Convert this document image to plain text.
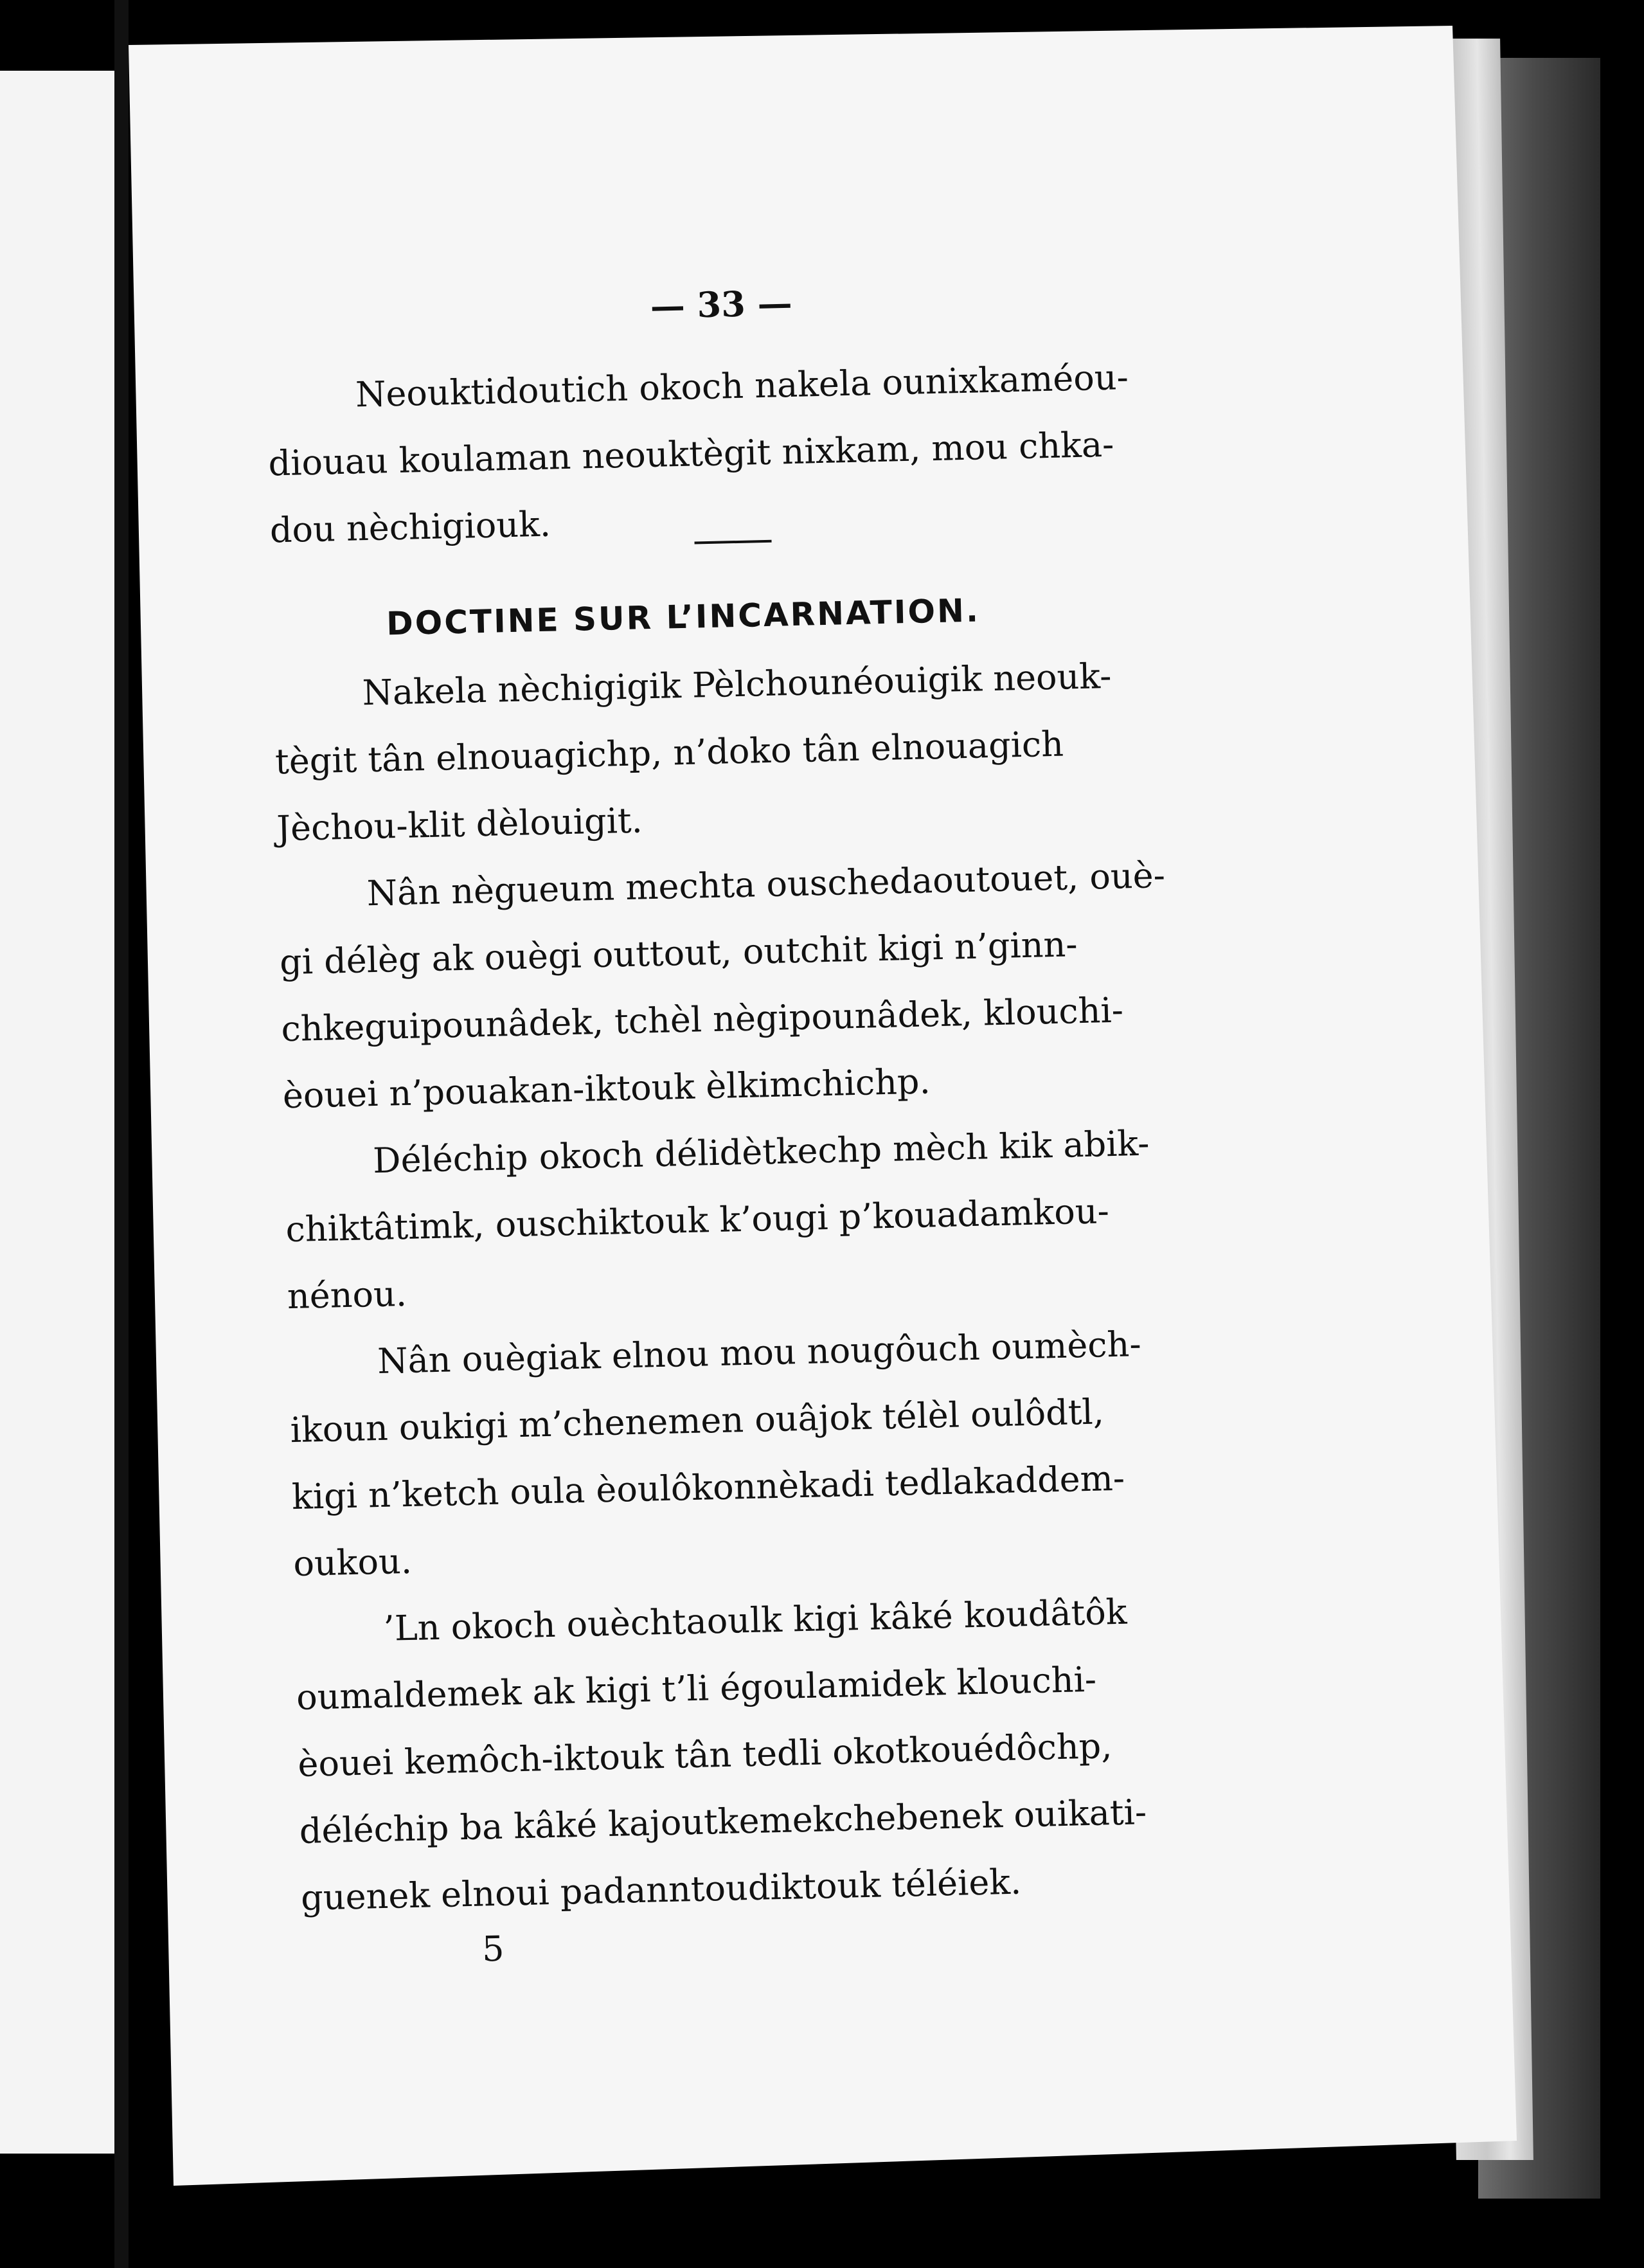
— 33 —
Neouktidoutich okoch nakela ounixkaméou-
diouau koulaman neouktègit nixkam, mou chka-
dou nèchigiouk.
DOCTINE SUR L’INCARNATION.
Nakela nèchigigik Pèlchounéouigik neouk-
tègit tân elnouagichp, n’doko tân elnouagich
Jèchou-klit dèlouigit.
Nân nègueum mechta ouschedaoutouet, ouè-
gi délèg ak ouègi outtout, outchit kigi n’ginn-
chkeguipounâdek, tchèl nègipounâdek, klouchi-
èouei n’pouakan-iktouk èlkimchichp.
Déléchip okoch délidètkechp mèch kik abik-
chiktâtimk, ouschiktouk k’ougi p’kouadamkou-
nénou.
Nân ouègiak elnou mou nougôuch oumèch-
ikoun oukigi m’chenemen ouâjok télèl oulôdtl,
kigi n’ketch oula èoulôkonnèkadi tedlakaddem-
oukou.
’Ln okoch ouèchtaoulk kigi kâké koudâtôk
oumaldemek ak kigi t’li égoulamidek klouchi-
èouei kemôch-iktouk tân tedli okotkouédôchp,
déléchip ba kâké kajoutkemekchebenek ouikati-
guenek elnoui padanntoudiktouk téléiek.
5
